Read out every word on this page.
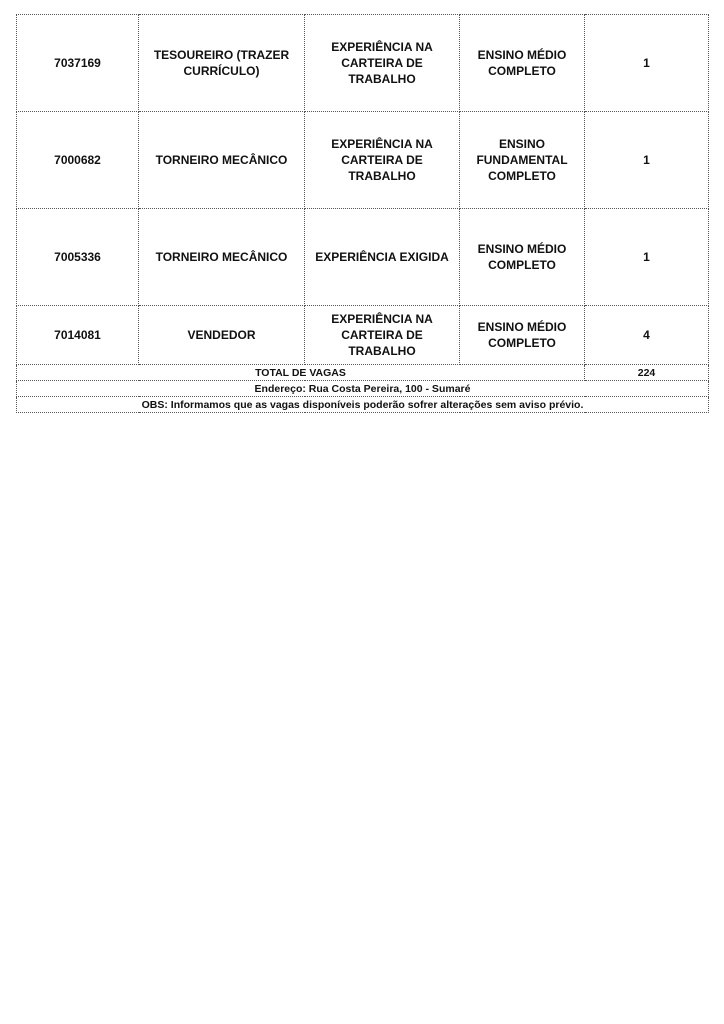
7037169	TESOUREIRO (TRAZER CURRÍCULO)	EXPERIÊNCIA NA CARTEIRA DE TRABALHO	ENSINO MÉDIO COMPLETO	1
7000682	TORNEIRO MECÂNICO	EXPERIÊNCIA NA CARTEIRA DE TRABALHO	ENSINO FUNDAMENTAL COMPLETO	1
7005336	TORNEIRO MECÂNICO	EXPERIÊNCIA EXIGIDA	ENSINO MÉDIO COMPLETO	1
7014081	VENDEDOR	EXPERIÊNCIA NA CARTEIRA DE TRABALHO	ENSINO MÉDIO COMPLETO	4
TOTAL DE VAGAS				224
Endereço: Rua Costa Pereira, 100 - Sumaré				
OBS: Informamos que as vagas disponíveis poderão sofrer alterações sem aviso prévio.				
